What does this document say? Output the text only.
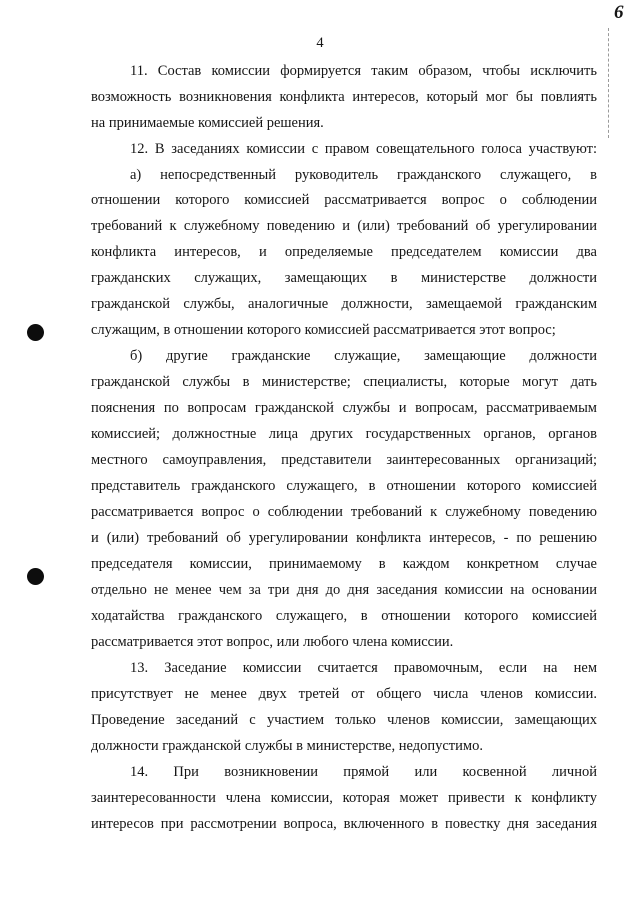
4
6
11. Состав комиссии формируется таким образом, чтобы исключить
возможность возникновения конфликта интересов, который мог бы повлиять
на принимаемые комиссией решения.
12. В заседаниях комиссии с правом совещательного голоса участвуют:
а) непосредственный руководитель гражданского служащего, в
отношении которого комиссией рассматривается вопрос о соблюдении
требований к служебному поведению и (или) требований об урегулировании
конфликта интересов, и определяемые председателем комиссии два
гражданских служащих, замещающих в министерстве должности
гражданской службы, аналогичные должности, замещаемой гражданским
служащим, в отношении которого комиссией рассматривается этот вопрос;
б) другие гражданские служащие, замещающие должности
гражданской службы в министерстве; специалисты, которые могут дать
пояснения по вопросам гражданской службы и вопросам, рассматриваемым
комиссией; должностные лица других государственных органов, органов
местного самоуправления, представители заинтересованных организаций;
представитель гражданского служащего, в отношении которого комиссией
рассматривается вопрос о соблюдении требований к служебному поведению
и (или) требований об урегулировании конфликта интересов, - по решению
председателя комиссии, принимаемому в каждом конкретном случае
отдельно не менее чем за три дня до дня заседания комиссии на основании
ходатайства гражданского служащего, в отношении которого комиссией
рассматривается этот вопрос, или любого члена комиссии.
13. Заседание комиссии считается правомочным, если на нем
присутствует не менее двух третей от общего числа членов комиссии.
Проведение заседаний с участием только членов комиссии, замещающих
должности гражданской службы в министерстве, недопустимо.
14. При возникновении прямой или косвенной личной
заинтересованности члена комиссии, которая может привести к конфликту
интересов при рассмотрении вопроса, включенного в повестку дня заседания
